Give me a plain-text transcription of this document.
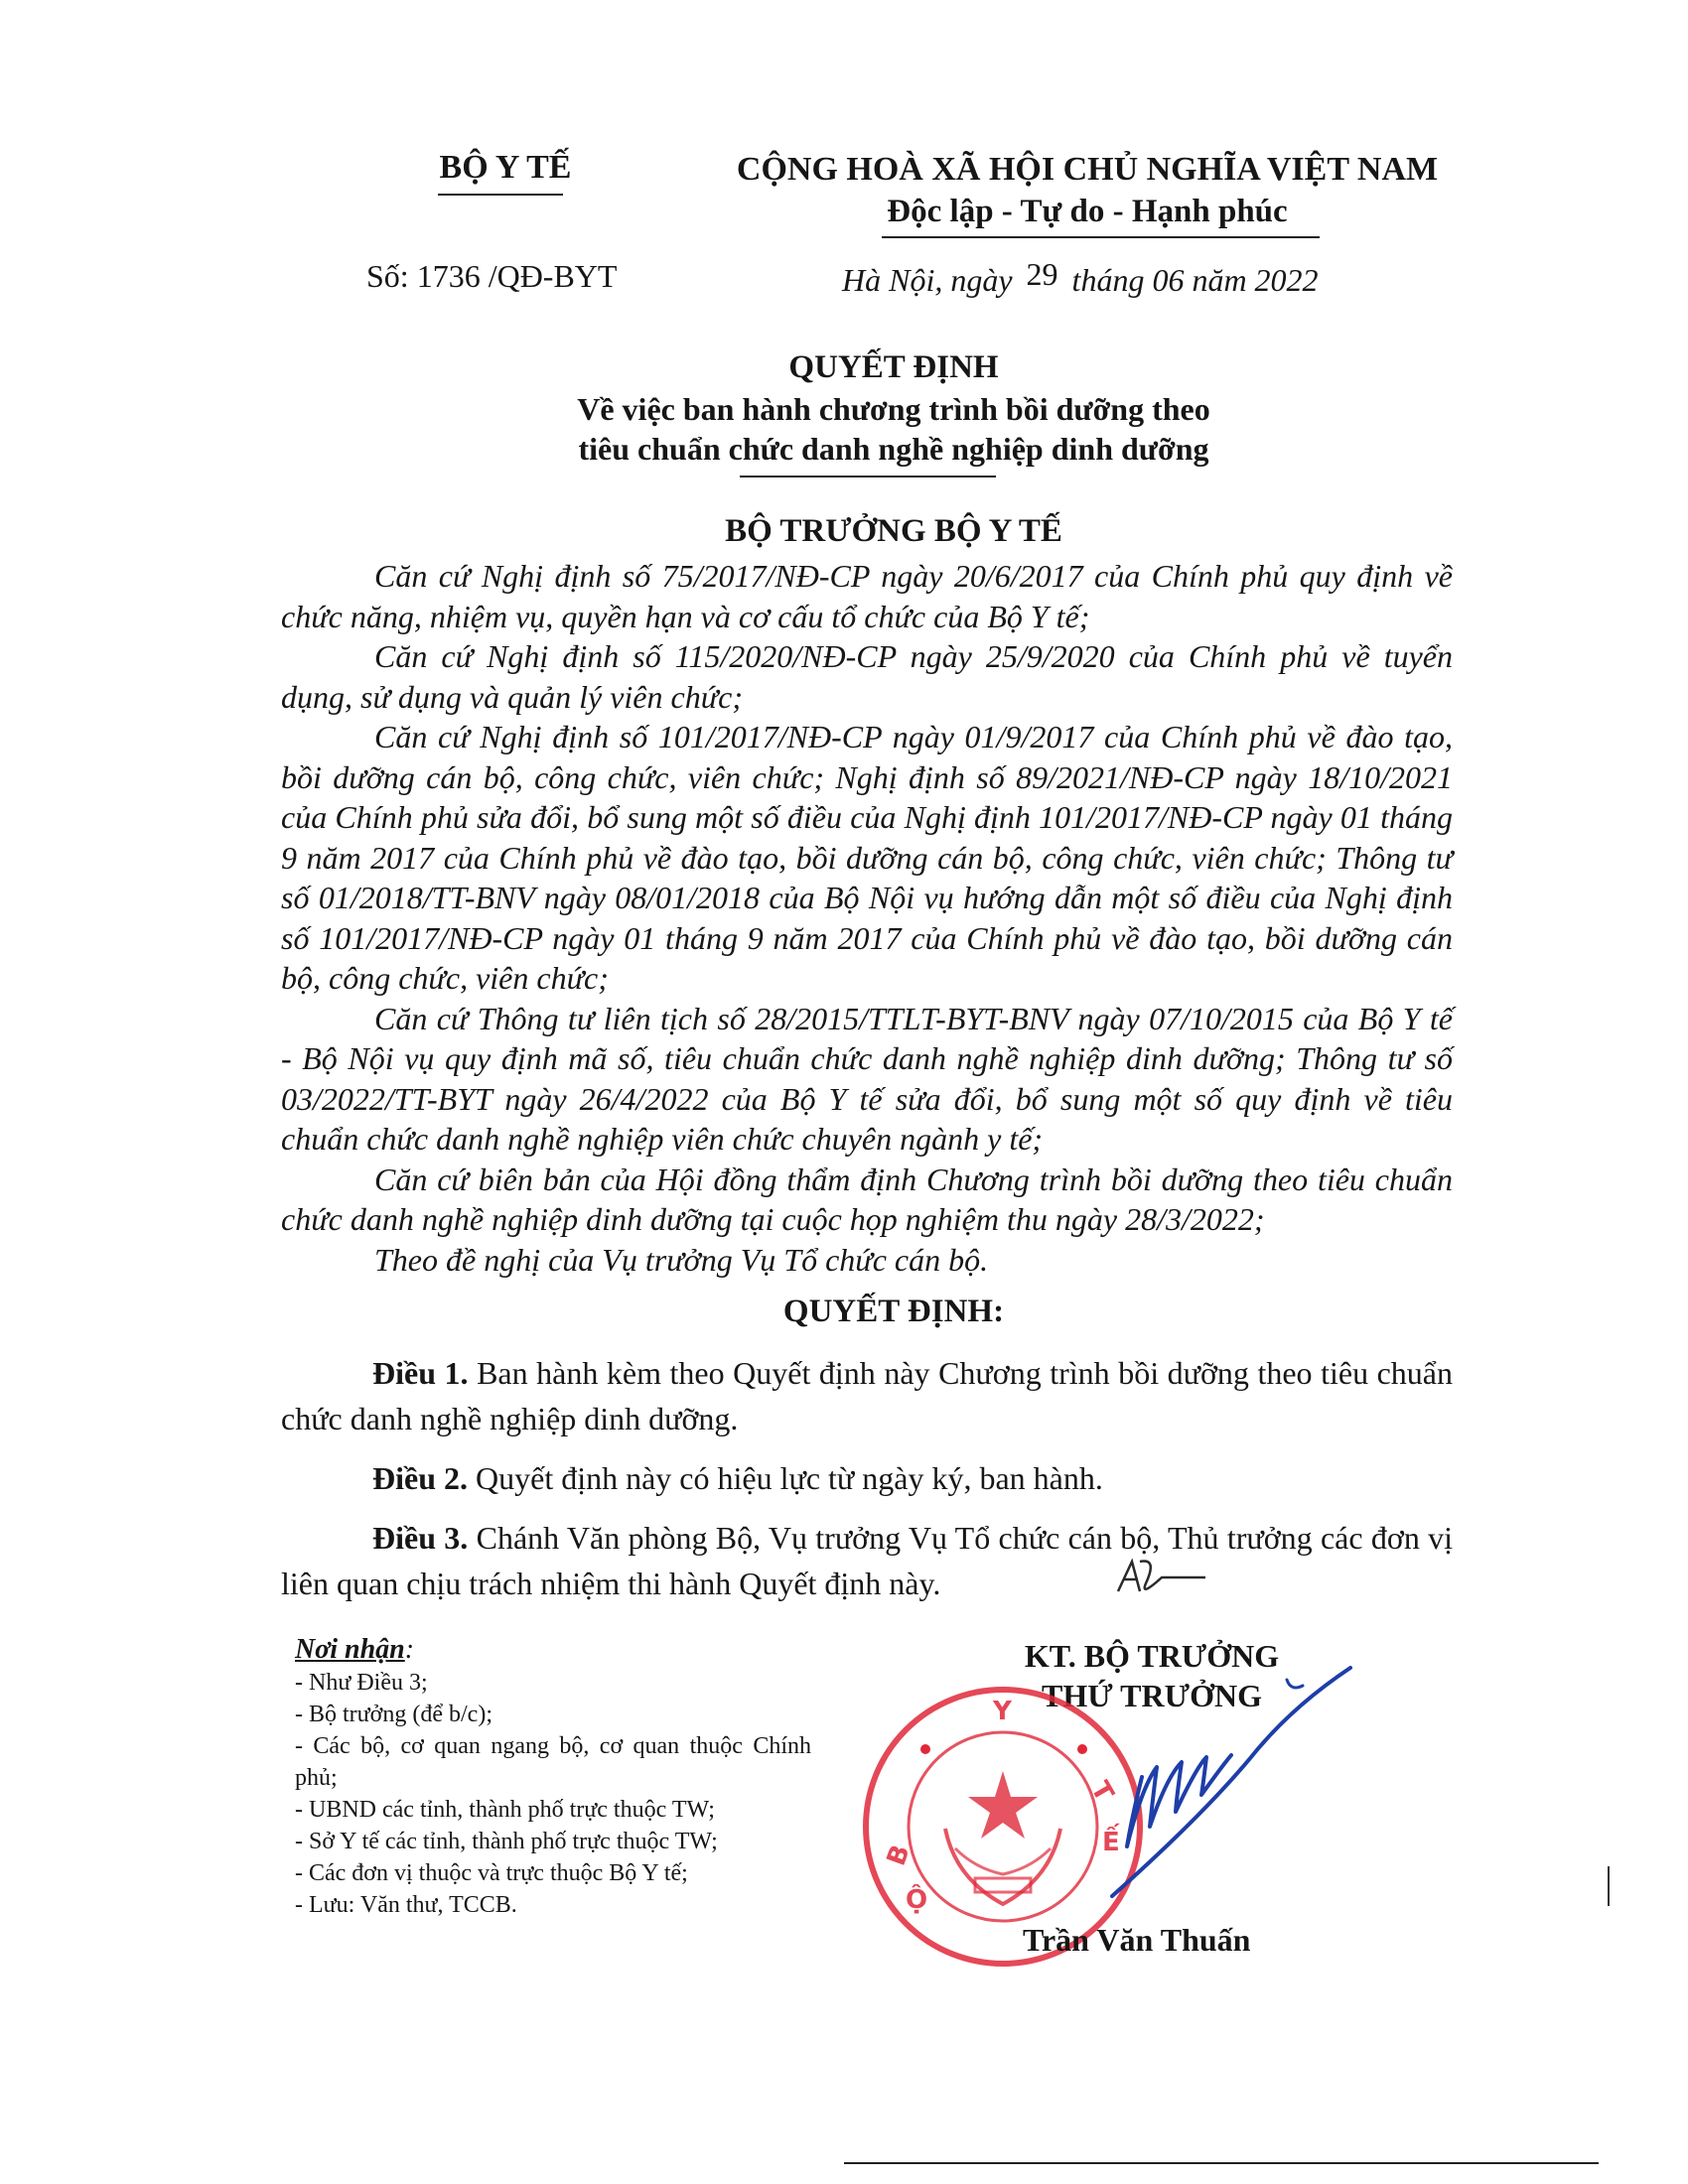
BỘ Y TẾ	CỘNG HOÀ XÃ HỘI CHỦ NGHĨA VIỆT NAM
Độc lập - Tự do - Hạnh phúc
Số: 1736 /QĐ-BYT	Hà Nội, ngày 29 tháng 06 năm 2022
QUYẾT ĐỊNH
Về việc ban hành chương trình bồi dưỡng theo
tiêu chuẩn chức danh nghề nghiệp dinh dưỡng
BỘ TRƯỞNG BỘ Y TẾ

Căn cứ Nghị định số 75/2017/NĐ-CP ngày 20/6/2017 của Chính phủ quy định về chức năng, nhiệm vụ, quyền hạn và cơ cấu tổ chức của Bộ Y tế;

Căn cứ Nghị định số 115/2020/NĐ-CP ngày 25/9/2020 của Chính phủ về tuyển dụng, sử dụng và quản lý viên chức;

Căn cứ Nghị định số 101/2017/NĐ-CP ngày 01/9/2017 của Chính phủ về đào tạo, bồi dưỡng cán bộ, công chức, viên chức; Nghị định số 89/2021/NĐ-CP ngày 18/10/2021 của Chính phủ sửa đổi, bổ sung một số điều của Nghị định 101/2017/NĐ-CP ngày 01 tháng 9 năm 2017 của Chính phủ về đào tạo, bồi dưỡng cán bộ, công chức, viên chức; Thông tư số 01/2018/TT-BNV ngày 08/01/2018 của Bộ Nội vụ hướng dẫn một số điều của Nghị định số 101/2017/NĐ-CP ngày 01 tháng 9 năm 2017 của Chính phủ về đào tạo, bồi dưỡng cán bộ, công chức, viên chức;

Căn cứ Thông tư liên tịch số 28/2015/TTLT-BYT-BNV ngày 07/10/2015 của Bộ Y tế - Bộ Nội vụ quy định mã số, tiêu chuẩn chức danh nghề nghiệp dinh dưỡng; Thông tư số 03/2022/TT-BYT ngày 26/4/2022 của Bộ Y tế sửa đổi, bổ sung một số quy định về tiêu chuẩn chức danh nghề nghiệp viên chức chuyên ngành y tế;

Căn cứ biên bản của Hội đồng thẩm định Chương trình bồi dưỡng theo tiêu chuẩn chức danh nghề nghiệp dinh dưỡng tại cuộc họp nghiệm thu ngày 28/3/2022;

Theo đề nghị của Vụ trưởng Vụ Tổ chức cán bộ.

QUYẾT ĐỊNH:

Điều 1. Ban hành kèm theo Quyết định này Chương trình bồi dưỡng theo tiêu chuẩn chức danh nghề nghiệp dinh dưỡng.

Điều 2. Quyết định này có hiệu lực từ ngày ký, ban hành.

Điều 3. Chánh Văn phòng Bộ, Vụ trưởng Vụ Tổ chức cán bộ, Thủ trưởng các đơn vị liên quan chịu trách nhiệm thi hành Quyết định này.

Nơi nhận:
- Như Điều 3;
- Bộ trưởng (để b/c);
- Các bộ, cơ quan ngang bộ, cơ quan thuộc Chính phủ;
- UBND các tỉnh, thành phố trực thuộc TW;
- Sở Y tế các tỉnh, thành phố trực thuộc TW;
- Các đơn vị thuộc và trực thuộc Bộ Y tế;
- Lưu: Văn thư, TCCB.
KT. BỘ TRƯỞNG
THỨ TRƯỞNG
Y
B
Ộ
T
Ế
Trần Văn Thuấn
